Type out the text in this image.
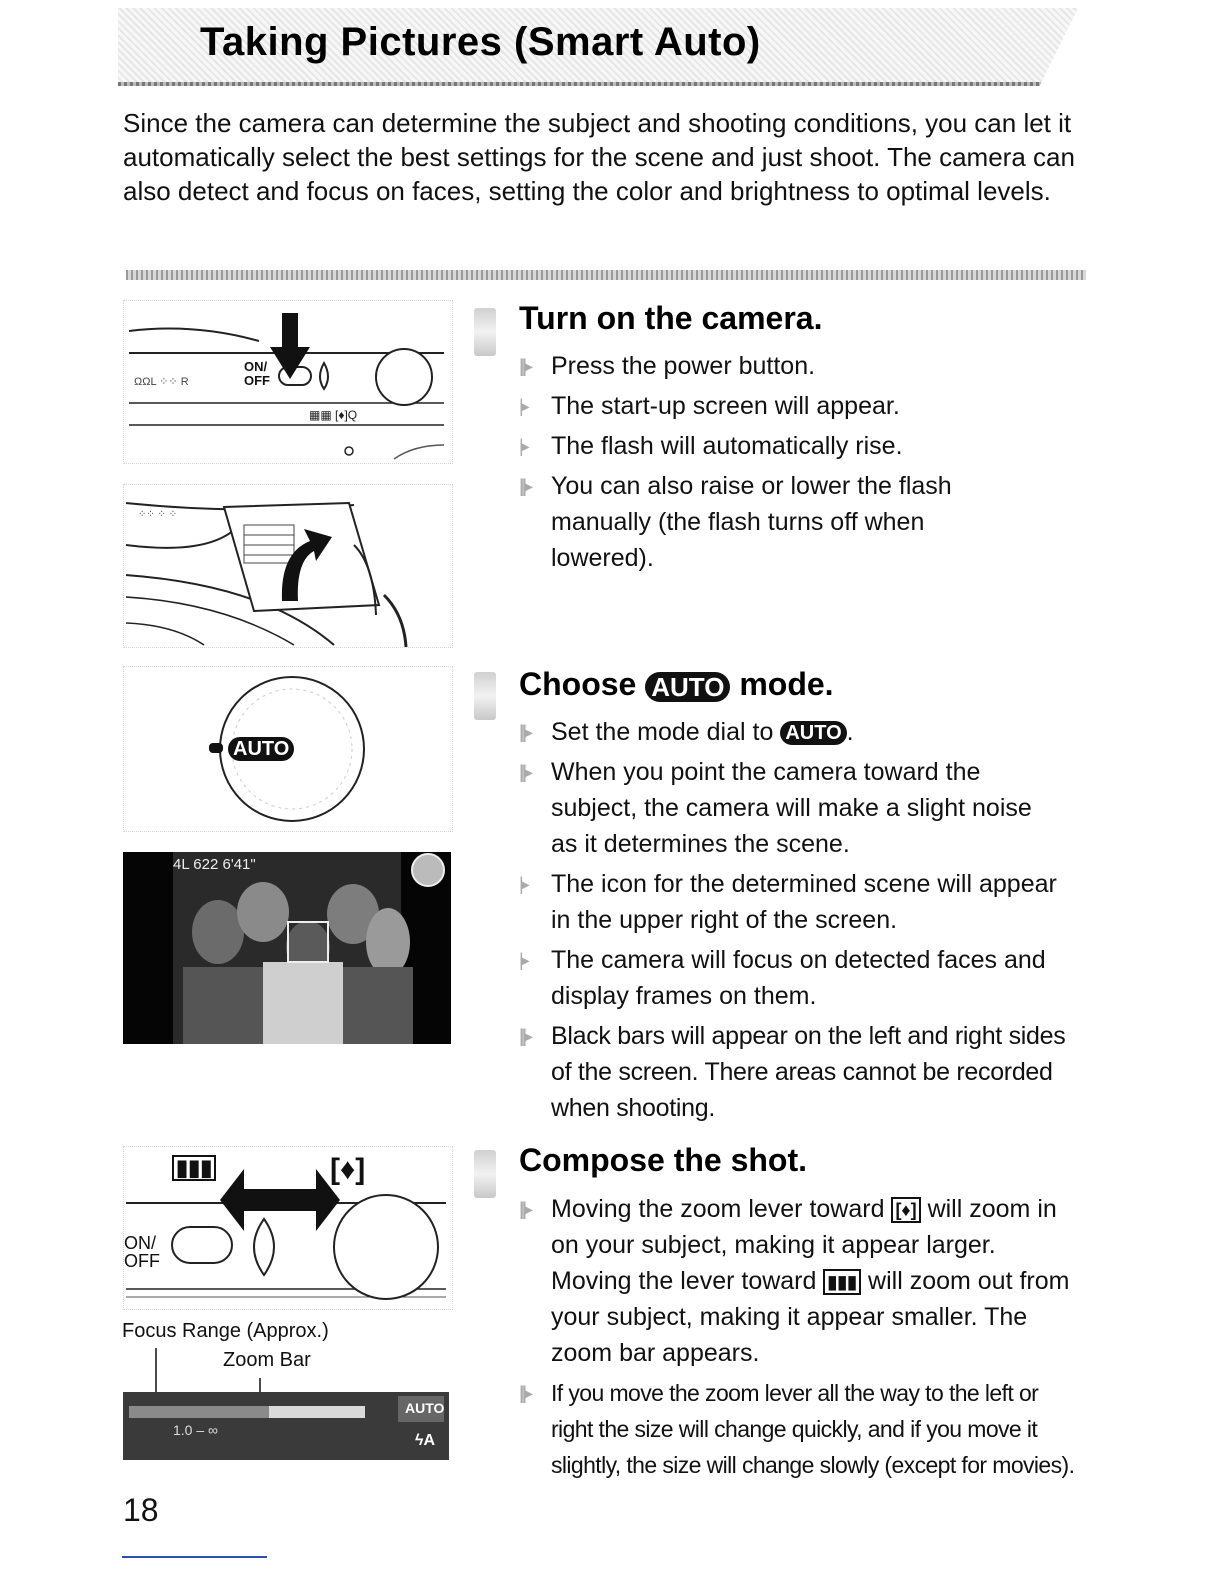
Taking Pictures (Smart Auto)
Since the camera can determine the subject and shooting conditions, you can let it automatically select the best settings for the scene and just shoot. The camera can also detect and focus on faces, setting the color and brightness to optimal levels.
ΩΩL ⁘⁘ R
▦▦ [♦]Q
ON/
OFF
⁘⁘ ⁘ ⁘
AUTO
4L 622 6'41"
▮▮▮	[♦]
ON/
OFF
Focus Range (Approx.)
Zoom Bar
1.0 – ∞
AUTO
ϟA
18
Turn on the camera.
|||▸ Press the power button.
|▸ The start-up screen will appear.
|▸ The flash will automatically rise.
|||▸ You can also raise or lower the flash manually (the flash turns off when lowered).
Choose AUTO mode.
|||▸ Set the mode dial to AUTO .
|||▸ When you point the camera toward the subject, the camera will make a slight noise as it determines the scene.
|▸ The icon for the determined scene will appear in the upper right of the screen.
|▸ The camera will focus on detected faces and display frames on them.
|||▸ Black bars will appear on the left and right sides of the screen. There areas cannot be recorded when shooting.
Compose the shot.
|||▸ Moving the zoom lever toward [♦] will zoom in on your subject, making it appear larger. Moving the lever toward ▮▮▮ will zoom out from your subject, making it appear smaller. The zoom bar appears.
|||▸ If you move the zoom lever all the way to the left or right the size will change quickly, and if you move it slightly, the size will change slowly (except for movies).
